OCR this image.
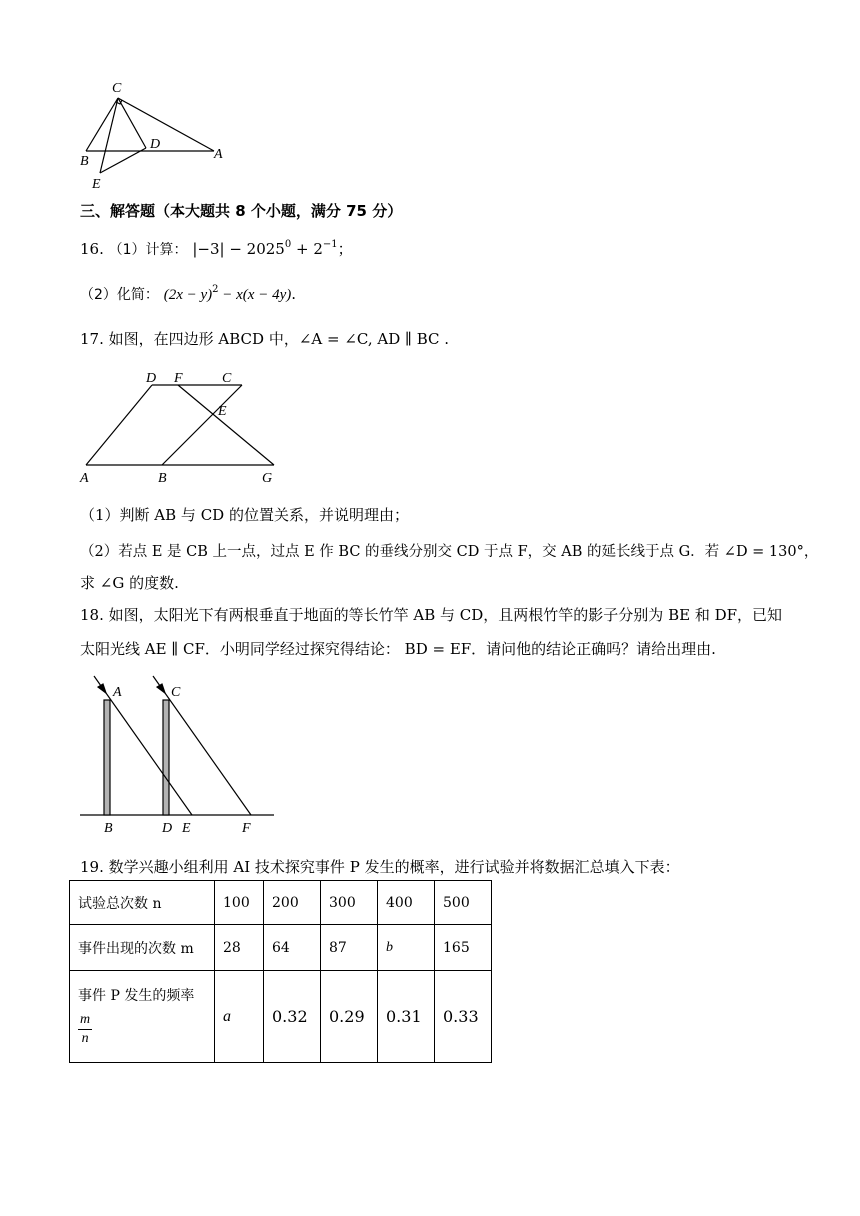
C
B
D
A
E
三、解答题（本大题共 8 个小题，满分 75 分）
16. （1）计算： $|-3| - 2025^0 + 2^{-1}$；
（2）化简： $(2x - y)^2 - x(x - 4y)$.
17. 如图，在四边形 ABCD 中，∠A = ∠C, AD ∥ BC .
D F	C
E
A	B	G
（1）判断 AB 与 CD 的位置关系，并说明理由；
（2）若点 E 是 CB 上一点，过点 E 作 BC 的垂线分别交 CD 于点 F，交 AB 的延长线于点 G．若 ∠D = 130°，
求 ∠G 的度数.
18. 如图，太阳光下有两根垂直于地面的等长竹竿 AB 与 CD，且两根竹竿的影子分别为 BE 和 DF，已知
太阳光线 AE ∥ CF．小明同学经过探究得结论： BD = EF．请问他的结论正确吗？请给出理由.
A	C
B	D E	F
19. 数学兴趣小组利用 AI 技术探究事件 P 发生的概率，进行试验并将数据汇总填入下表：
试验总次数 n	100	200	300	400	500
事件出现的次数 m	28	64	87	b	165

事件 P 发生的频率
$\frac{m}{n}$	a	0.32	0.29	0.31	0.33
